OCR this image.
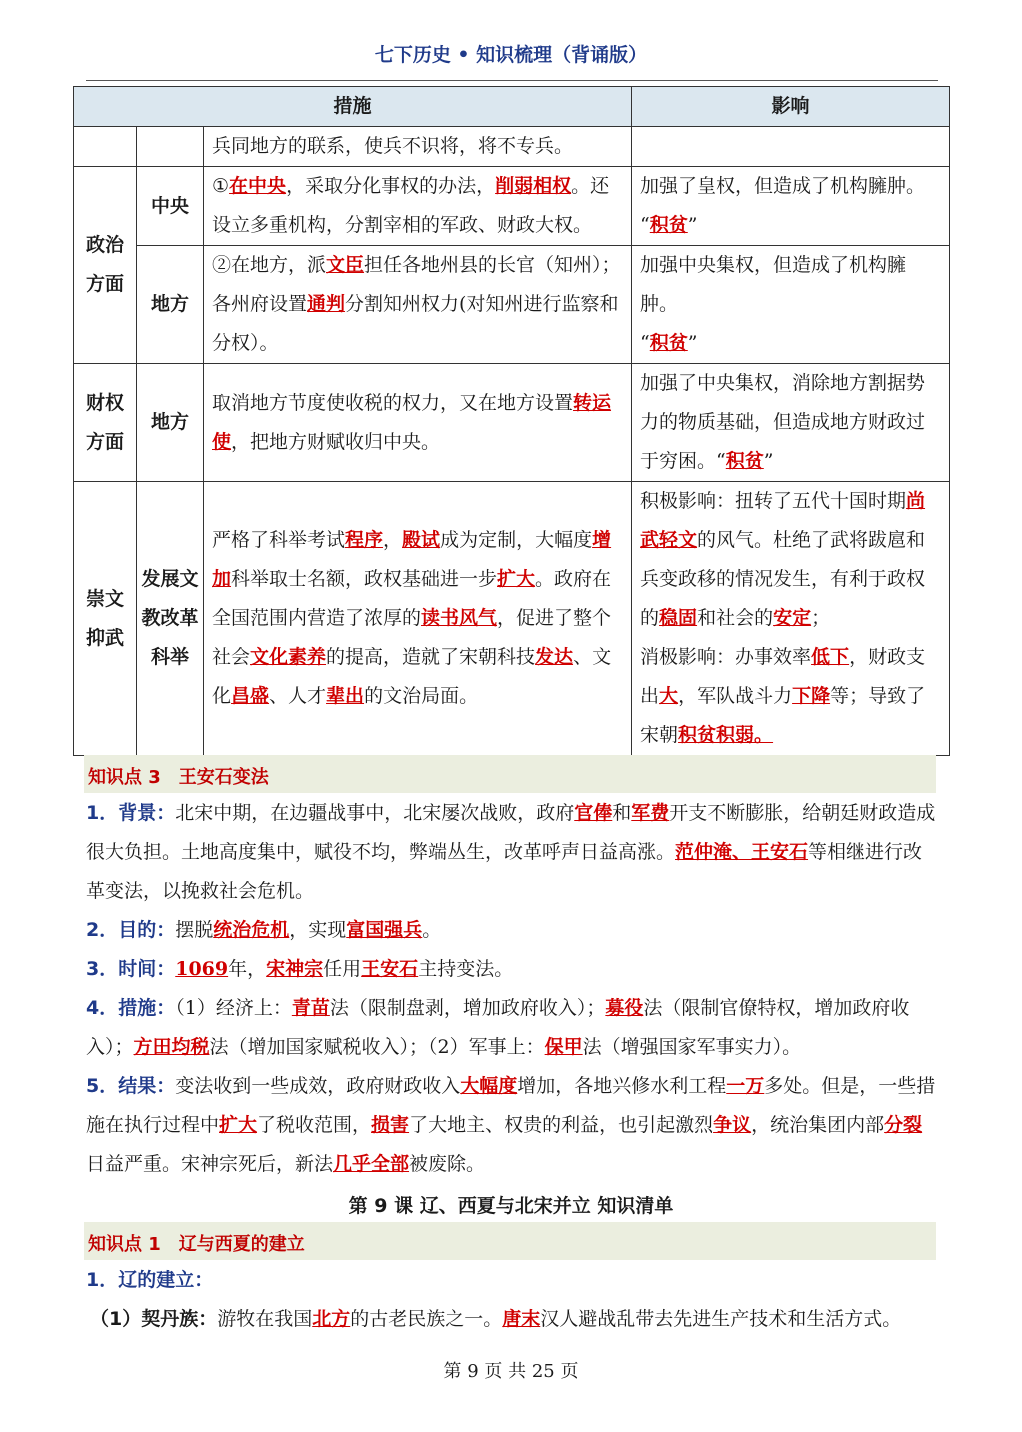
七下历史 • 知识梳理（背诵版）
措施			影响
		兵同地方的联系，使兵不识将，将不专兵。	
政治方面	中央	①在中央，采取分化事权的办法，削弱相权。还设立多重机构，分割宰相的军政、财政大权。	加强了皇权，但造成了机构臃肿。
“积贫”
	地方	②在地方，派文臣担任各地州县的长官（知州）；各州府设置通判分割知州权力(对知州进行监察和分权）。	加强中央集权，但造成了机构臃肿。
“积贫”
财权方面	地方	取消地方节度使收税的权力，又在地方设置转运使，把地方财赋收归中央。	加强了中央集权，消除地方割据势力的物质基础，但造成地方财政过于穷困。“积贫”
崇文抑武	发展文教改革科举	严格了科举考试程序，殿试成为定制，大幅度增加科举取士名额，政权基础进一步扩大。政府在全国范围内营造了浓厚的读书风气，促进了整个社会文化素养的提高，造就了宋朝科技发达、文化昌盛、人才辈出的文治局面。	积极影响：扭转了五代十国时期尚武轻文的风气。杜绝了武将跋扈和兵变政移的情况发生，有利于政权的稳固和社会的安定；
消极影响：办事效率低下，财政支出大，军队战斗力下降等；导致了宋朝积贫积弱。
知识点 3　王安石变法
1．背景：北宋中期，在边疆战事中，北宋屡次战败，政府官俸和军费开支不断膨胀，给朝廷财政造成很大负担。土地高度集中，赋役不均，弊端丛生，改革呼声日益高涨。范仲淹、王安石等相继进行改革变法，以挽救社会危机。
2．目的：摆脱统治危机，实现富国强兵。
3．时间：1069年，宋神宗任用王安石主持变法。
4．措施：（1）经济上：青苗法（限制盘剥，增加政府收入）；募役法（限制官僚特权，增加政府收入）；方田均税法（增加国家赋税收入）；（2）军事上：保甲法（增强国家军事实力）。
5．结果：变法收到一些成效，政府财政收入大幅度增加，各地兴修水利工程一万多处。但是，一些措施在执行过程中扩大了税收范围，损害了大地主、权贵的利益，也引起激烈争议，统治集团内部分裂日益严重。宋神宗死后，新法几乎全部被废除。
第 9 课 辽、西夏与北宋并立 知识清单
知识点 1　辽与西夏的建立
1．辽的建立：
（1）契丹族：游牧在我国北方的古老民族之一。唐末汉人避战乱带去先进生产技术和生活方式。
第 9 页 共 25 页
